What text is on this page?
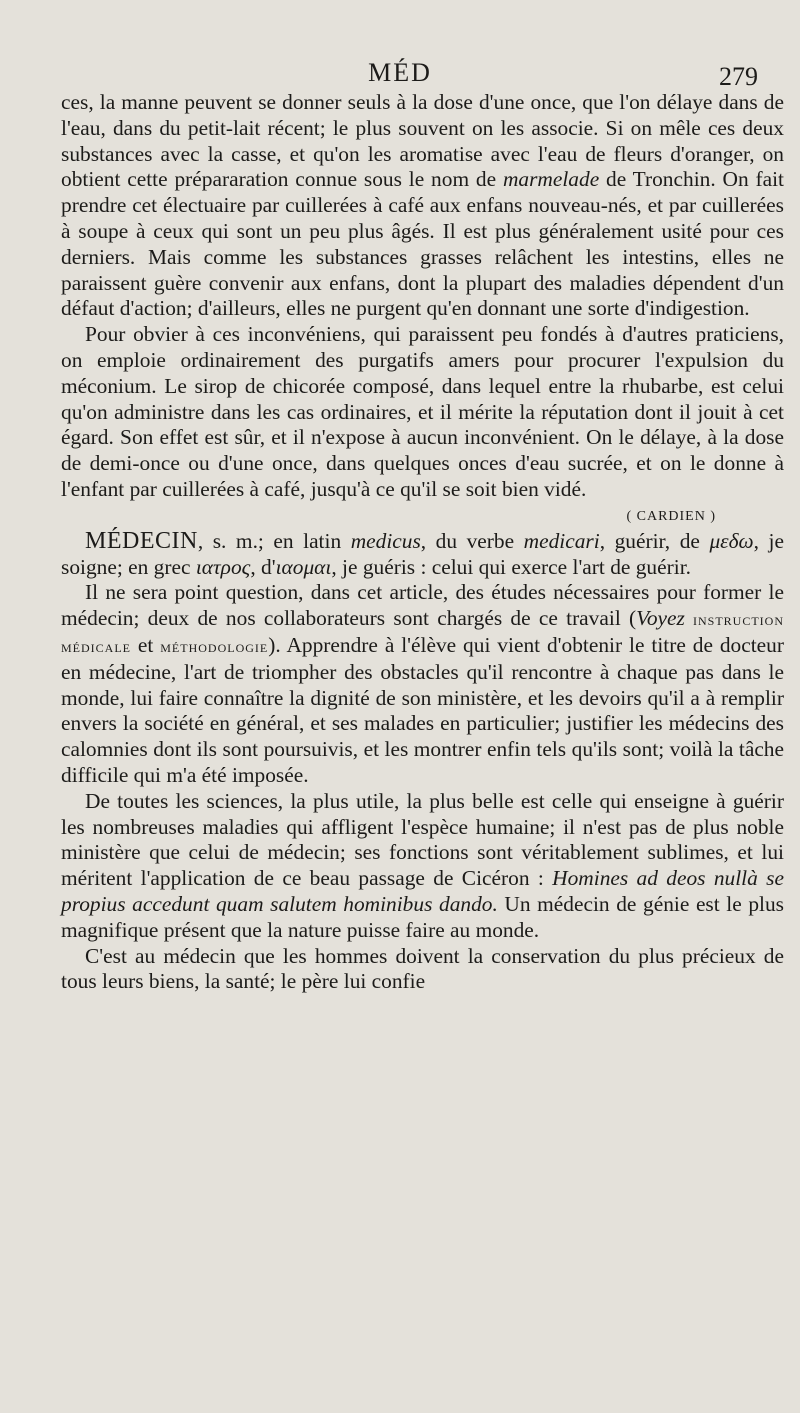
MÉD	279

ces, la manne peuvent se donner seuls à la dose d'une once, que l'on délaye dans de l'eau, dans du petit-lait récent; le plus souvent on les associe. Si on mêle ces deux substances avec la casse, et qu'on les aromatise avec l'eau de fleurs d'oranger, on obtient cette prépararation connue sous le nom de marmelade de Tronchin. On fait prendre cet électuaire par cuillerées à café aux enfans nouveau-nés, et par cuillerées à soupe à ceux qui sont un peu plus âgés. Il est plus généralement usité pour ces derniers. Mais comme les substances grasses relâchent les intestins, elles ne paraissent guère convenir aux enfans, dont la plupart des maladies dépendent d'un défaut d'action; d'ailleurs, elles ne purgent qu'en donnant une sorte d'indigestion.

Pour obvier à ces inconvéniens, qui paraissent peu fondés à d'autres praticiens, on emploie ordinairement des purgatifs amers pour procurer l'expulsion du méconium. Le sirop de chicorée composé, dans lequel entre la rhubarbe, est celui qu'on administre dans les cas ordinaires, et il mérite la réputation dont il jouit à cet égard. Son effet est sûr, et il n'expose à aucun inconvénient. On le délaye, à la dose de demi-once ou d'une once, dans quelques onces d'eau sucrée, et on le donne à l'enfant par cuillerées à café, jusqu'à ce qu'il se soit bien vidé.

( CARDIEN )

MÉDECIN, s. m.; en latin medicus, du verbe medicari, guérir, de μεδω, je soigne; en grec ιατρος, d'ιαομαι, je guéris : celui qui exerce l'art de guérir.

Il ne sera point question, dans cet article, des études nécessaires pour former le médecin; deux de nos collaborateurs sont chargés de ce travail (Voyez instruction médicale et méthodologie). Apprendre à l'élève qui vient d'obtenir le titre de docteur en médecine, l'art de triompher des obstacles qu'il rencontre à chaque pas dans le monde, lui faire connaître la dignité de son ministère, et les devoirs qu'il a à remplir envers la société en général, et ses malades en particulier; justifier les médecins des calomnies dont ils sont poursuivis, et les montrer enfin tels qu'ils sont; voilà la tâche difficile qui m'a été imposée.

De toutes les sciences, la plus utile, la plus belle est celle qui enseigne à guérir les nombreuses maladies qui affligent l'espèce humaine; il n'est pas de plus noble ministère que celui de médecin; ses fonctions sont véritablement sublimes, et lui méritent l'application de ce beau passage de Cicéron : Homines ad deos nullà se propius accedunt quam salutem hominibus dando. Un médecin de génie est le plus magnifique présent que la nature puisse faire au monde.

C'est au médecin que les hommes doivent la conservation du plus précieux de tous leurs biens, la santé; le père lui confie
